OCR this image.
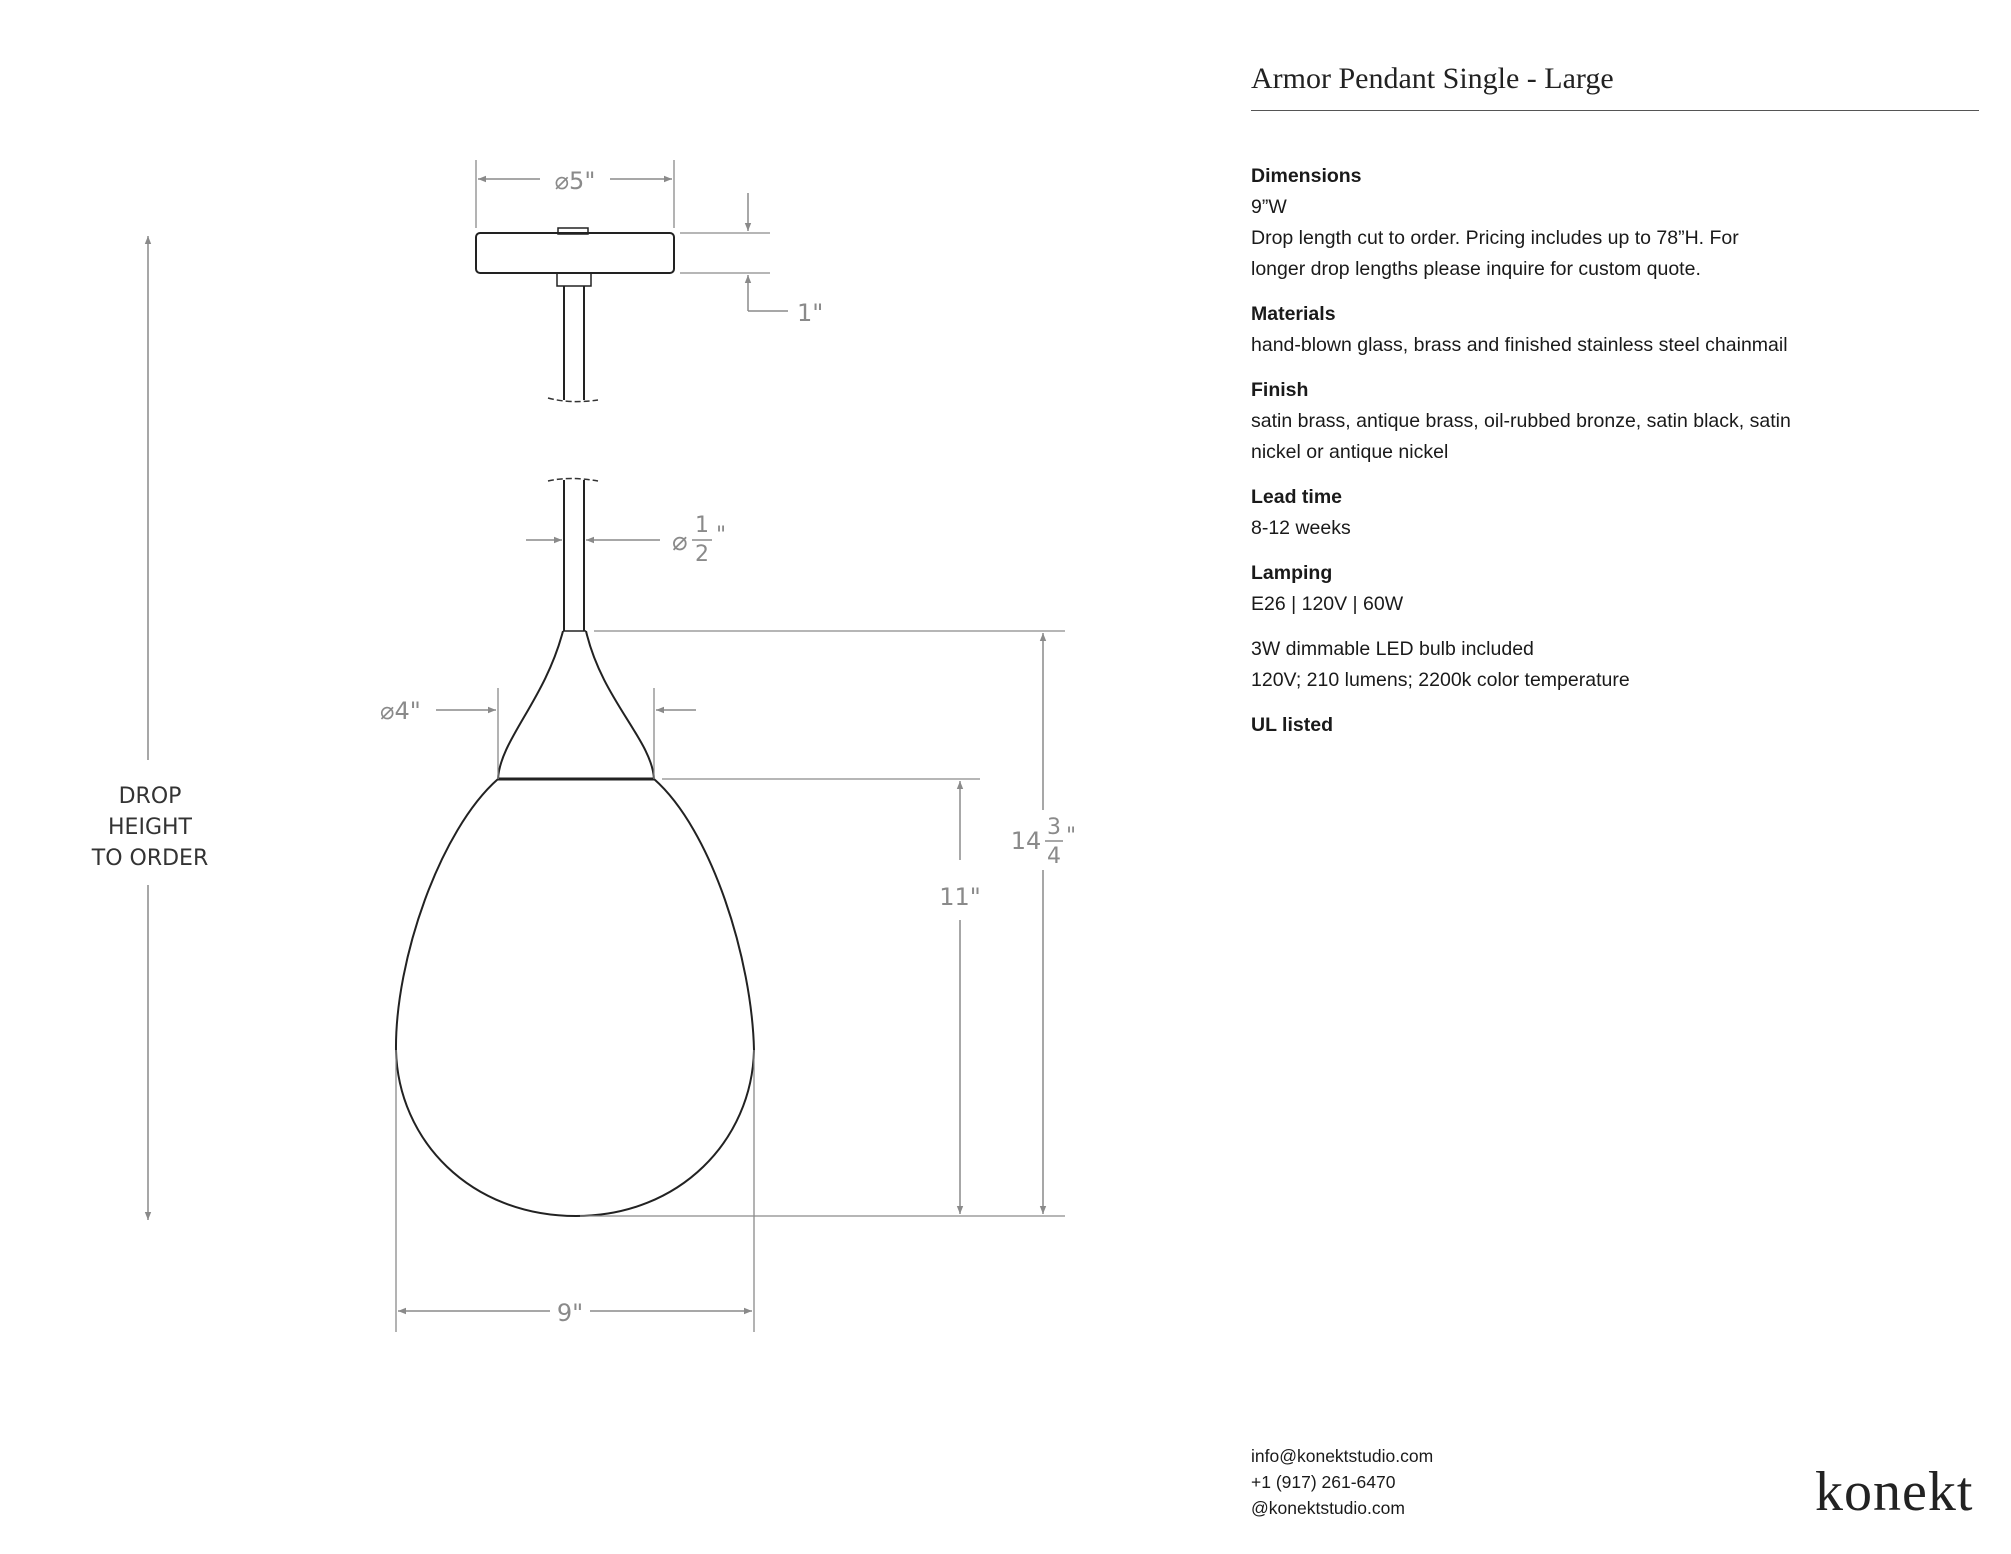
DROP
HEIGHT
TO ORDER
⌀5"
1"
⌀
1
2
"
⌀4"
11"
14 3
4
"
9"
Armor Pendant Single - Large
Dimensions
9”W
Drop length cut to order. Pricing includes up to 78”H. For
longer drop lengths please inquire for custom quote.
Materials
hand-blown glass, brass and finished stainless steel chainmail
Finish
satin brass, antique brass, oil-rubbed bronze, satin black, satin
nickel or antique nickel
Lead time
8-12 weeks
Lamping
E26 | 120V | 60W
3W dimmable LED bulb included
120V; 210 lumens; 2200k color temperature
UL listed
info@konektstudio.com
+1 (917) 261-6470
@konektstudio.com	konekt
